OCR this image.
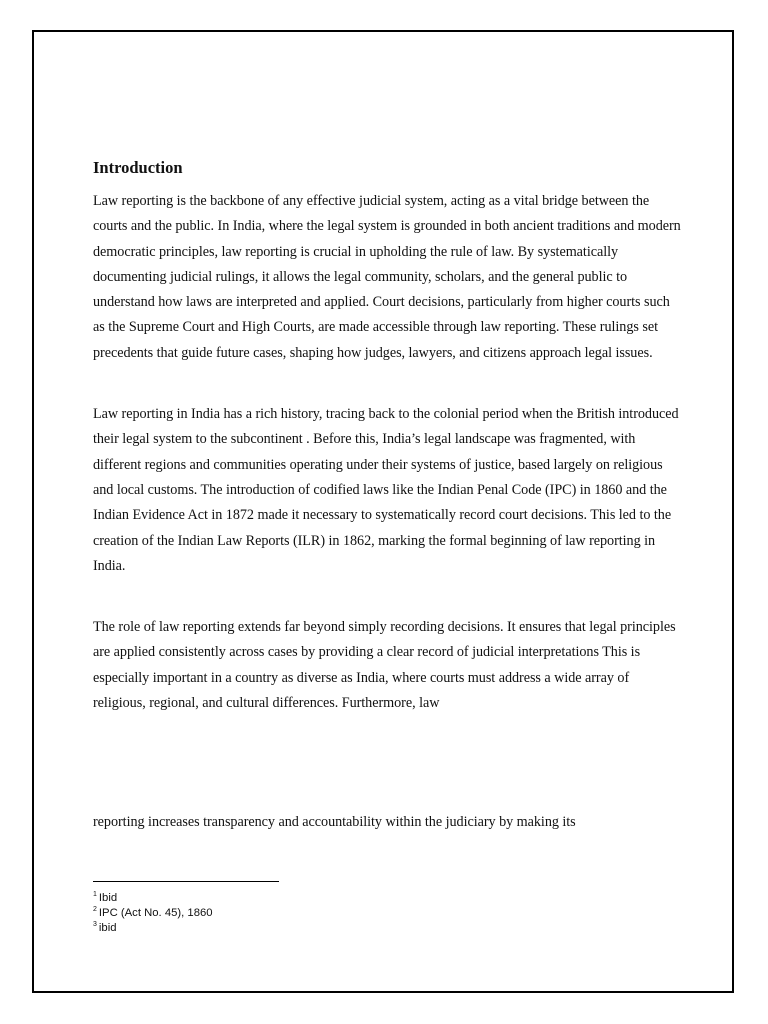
Introduction

Law reporting is the backbone of any effective judicial system, acting as a vital bridge between the courts and the public. In India, where the legal system is grounded in both ancient traditions and modern democratic principles, law reporting is crucial in upholding the rule of law. By systematically documenting judicial rulings, it allows the legal community, scholars, and the general public to understand how laws are interpreted and applied. Court decisions, particularly from higher courts such as the Supreme Court and High Courts, are made accessible through law reporting. These rulings set precedents that guide future cases, shaping how judges, lawyers, and citizens approach legal issues.

Law reporting in India has a rich history, tracing back to the colonial period when the British introduced their legal system to the subcontinent . Before this, India’s legal landscape was fragmented, with different regions and communities operating under their systems of justice, based largely on religious and local customs. The introduction of codified laws like the Indian Penal Code (IPC) in 1860 and the Indian Evidence Act in 1872 made it necessary to systematically record court decisions. This led to the creation of the Indian Law Reports (ILR) in 1862, marking the formal beginning of law reporting in India.

The role of law reporting extends far beyond simply recording decisions. It ensures that legal principles are applied consistently across cases by providing a clear record of judicial interpretations This is especially important in a country as diverse as India, where courts must address a wide array of religious, regional, and cultural differences. Furthermore, law

reporting increases transparency and accountability within the judiciary by making its
$^1$ Ibid
$^2$ IPC (Act No. 45), 1860
$^3$ ibid
